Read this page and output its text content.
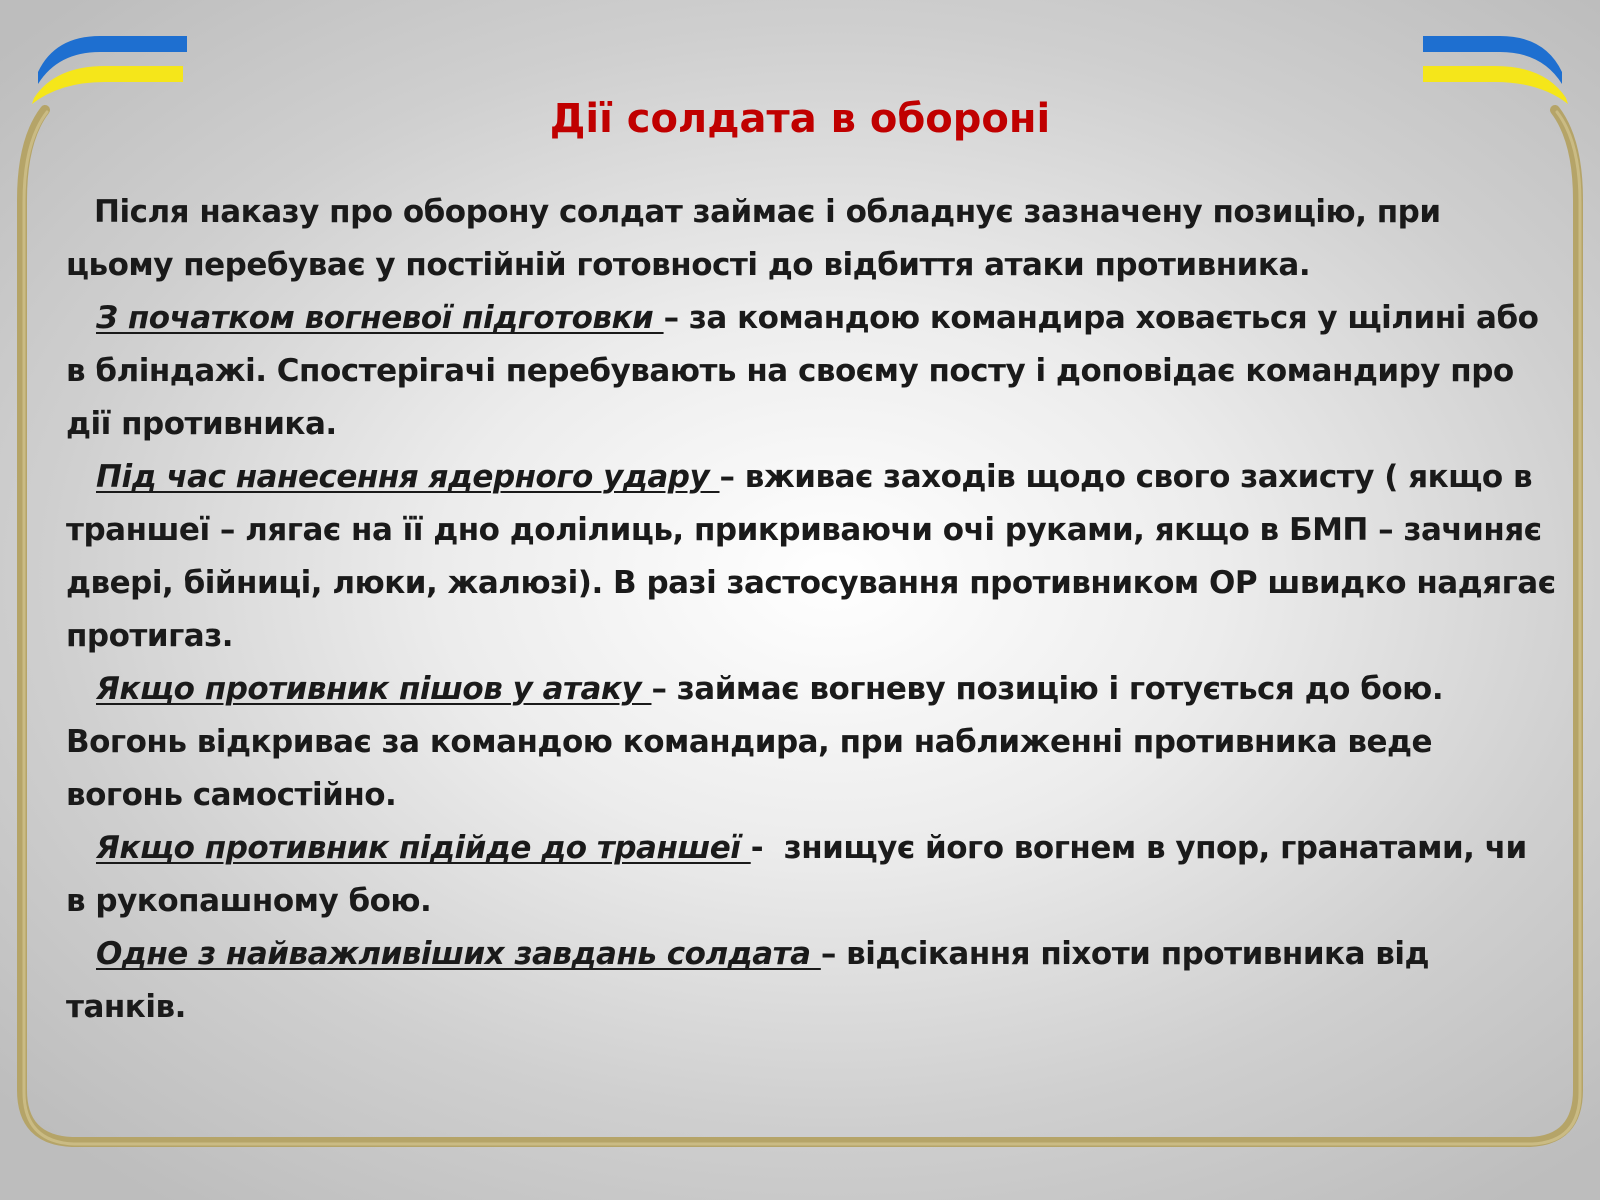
Дії солдата в обороні

Після наказу про оборону солдат займає і обладнує зазначену позицію, при цьому перебуває у постійній готовності до відбиття атаки противника.

З початком вогневої підготовки – за командою командира ховається у щілині або в бліндажі. Спостерігачі перебувають на своєму посту і доповідає командиру про дії противника.

Під час нанесення ядерного удару – вживає заходів щодо свого захисту ( якщо в траншеї – лягає на її дно долілиць, прикриваючи очі руками, якщо в БМП – зачиняє двері, бійниці, люки, жалюзі). В разі застосування противником ОР швидко надягає протигаз.

Якщо противник пішов у атаку – займає вогневу позицію і готується до бою. Вогонь відкриває за командою командира, при наближенні противника веде вогонь самостійно.

Якщо противник підійде до траншеї -  знищує його вогнем в упор, гранатами, чи в рукопашному бою.

Одне з найважливіших завдань солдата – відсікання піхоти противника від танків.
